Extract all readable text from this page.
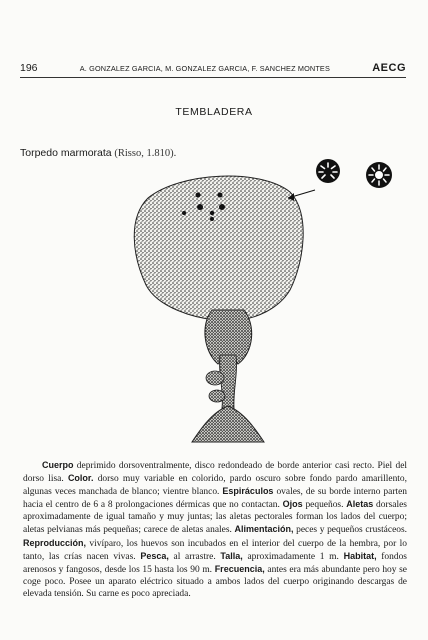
196	A. GONZALEZ GARCIA, M. GONZALEZ GARCIA, F. SANCHEZ MONTES	AECG
TEMBLADERA
Torpedo marmorata (Risso, 1.810).
Cuerpo deprimido dorsoventralmente, disco redondeado de borde anterior casi recto. Piel del dorso lisa. Color. dorso muy variable en colorido, pardo oscuro sobre fondo pardo amarillento, algunas veces manchada de blanco; vientre blanco. Espiráculos ovales, de su borde interno parten hacia el centro de 6 a 8 prolongaciones dérmicas que no contactan. Ojos pequeños. Aletas dorsales aproximadamente de igual tamaño y muy juntas; las aletas pectorales forman los lados del cuerpo; aletas pelvianas más pequeñas; carece de aletas anales. Alimentación, peces y pequeños crustáceos. Reproducción, vivíparo, los huevos son incubados en el interior del cuerpo de la hembra, por lo tanto, las crías nacen vivas. Pesca, al arrastre. Talla, aproximadamente 1 m. Habitat, fondos arenosos y fangosos, desde los 15 hasta los 90 m. Frecuencia, antes era más abundante pero hoy se coge poco. Posee un aparato eléctrico situado a ambos lados del cuerpo originando descargas de elevada tensión. Su carne es poco apreciada.
